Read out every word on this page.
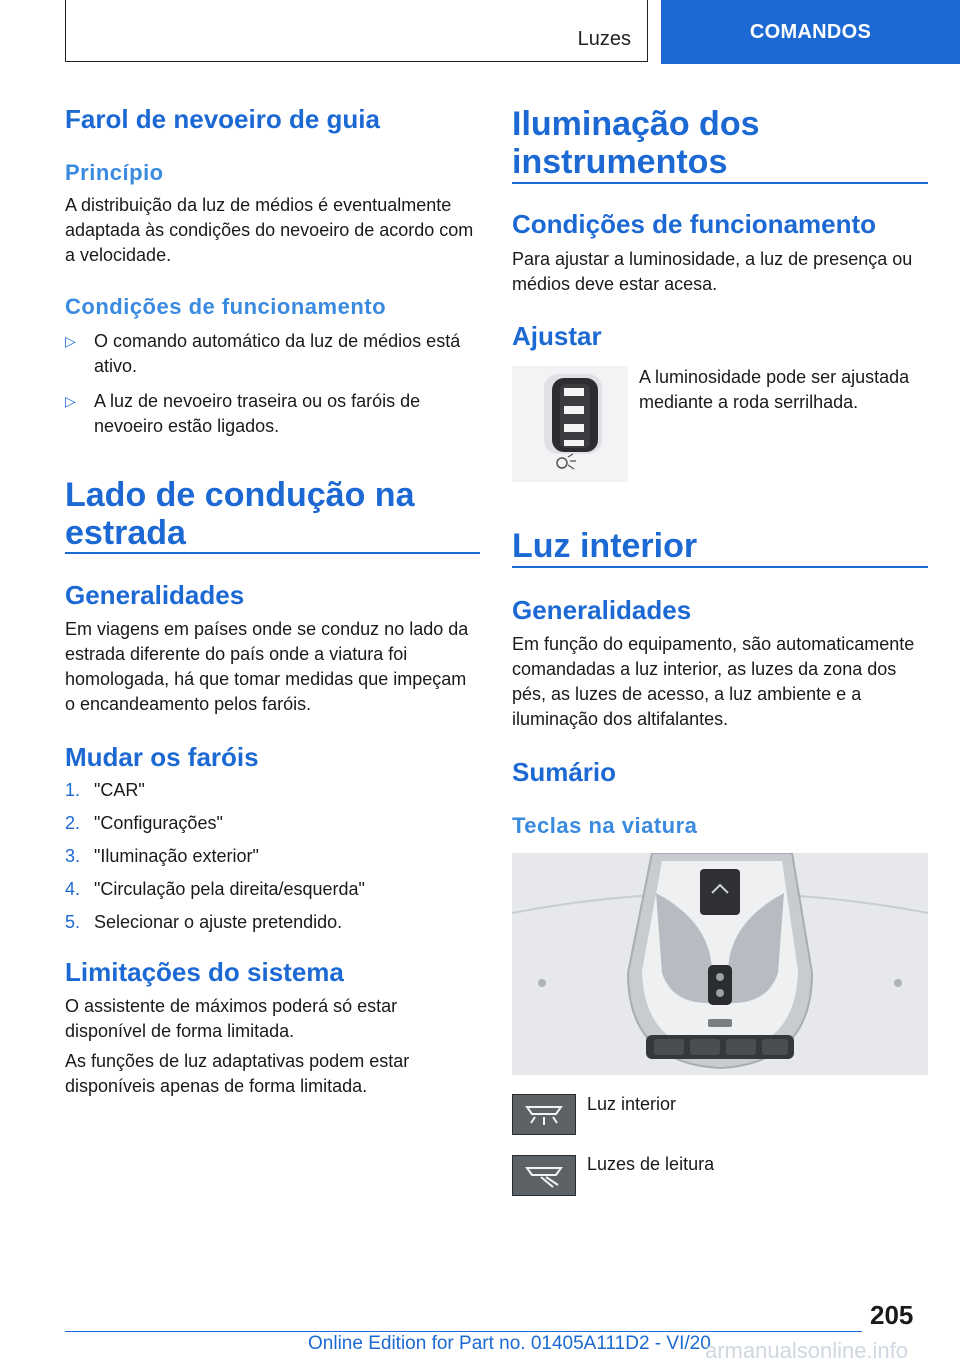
Luzes	COMANDOS
Farol de nevoeiro de guia
Princípio

A distribuição da luz de médios é eventualmente adaptada às condições do nevoeiro de acordo com a velocidade.

Condições de funcionamento
▷ O comando automático da luz de médios está ativo.
▷ A luz de nevoeiro traseira ou os faróis de nevoeiro estão ligados.
Lado de condução na estrada
Generalidades

Em viagens em países onde se conduz no lado da estrada diferente do país onde a viatura foi homologada, há que tomar medidas que impeçam o encandeamento pelos faróis.

Mudar os faróis
1. "CAR"
2. "Configurações"
3. "Iluminação exterior"
4. "Circulação pela direita/esquerda"
5. Selecionar o ajuste pretendido.
Limitações do sistema

O assistente de máximos poderá só estar disponível de forma limitada.

As funções de luz adaptativas podem estar disponíveis apenas de forma limitada.

Iluminação dos instrumentos
Condições de funcionamento

Para ajustar a luminosidade, a luz de presença ou médios deve estar acesa.

Ajustar

A luminosidade pode ser ajustada mediante a roda serrilhada.

Luz interior
Generalidades

Em função do equipamento, são automaticamente comandadas a luz interior, as luzes da zona dos pés, as luzes de acesso, a luz ambiente e a iluminação dos altifalantes.

Sumário
Teclas na viatura
Luz interior
Luzes de leitura
205
Online Edition for Part no. 01405A111D2 - VI/20
armanualsonline.info
